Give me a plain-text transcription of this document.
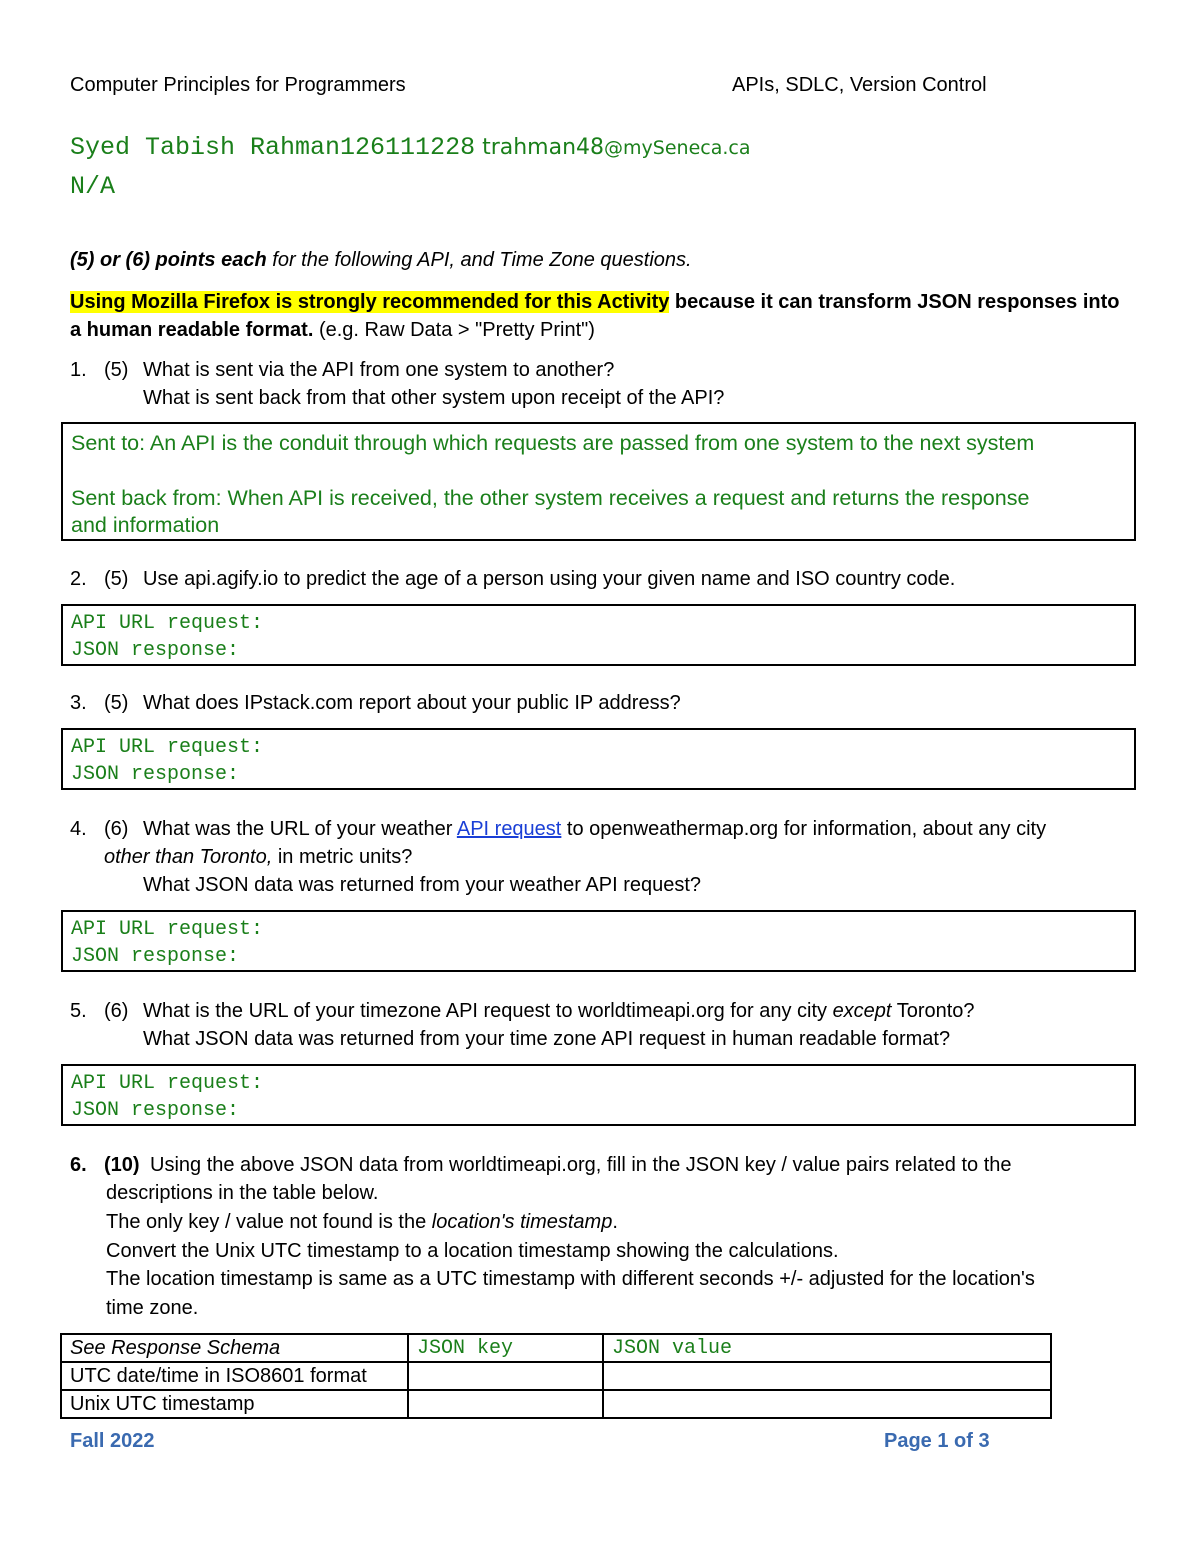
Computer Principles for Programmers	APIs, SDLC, Version Control
Syed Tabish Rahman126111228 trahman48@mySeneca.ca
N/A
(5) or (6) points each for the following API, and Time Zone questions.
Using Mozilla Firefox is strongly recommended for this Activity because it can transform JSON responses into
a human readable format. (e.g. Raw Data > "Pretty Print")
1. (5) What is sent via the API from one system to another?
What is sent back from that other system upon receipt of the API?
Sent to: An API is the conduit through which requests are passed from one system to the next system
Sent back from: When API is received, the other system receives a request and returns the response
and information
2. (5) Use api.agify.io to predict the age of a person using your given name and ISO country code.
API URL request:
JSON response:
3. (5) What does IPstack.com report about your public IP address?
API URL request:
JSON response:
4. (6) What was the URL of your weather API request to openweathermap.org for information, about any city
other than Toronto, in metric units?
What JSON data was returned from your weather API request?
API URL request:
JSON response:
5. (6) What is the URL of your timezone API request to worldtimeapi.org for any city except Toronto?
What JSON data was returned from your time zone API request in human readable format?
API URL request:
JSON response:
6. (10) Using the above JSON data from worldtimeapi.org, fill in the JSON key / value pairs related to the
descriptions in the table below.
The only key / value not found is the location's timestamp.
Convert the Unix UTC timestamp to a location timestamp showing the calculations.
The location timestamp is same as a UTC timestamp with different seconds +/- adjusted for the location's
time zone.
See Response Schema	JSON key	JSON value
UTC date/time in ISO8601 format		
Unix UTC timestamp		
Fall 2022	Page 1 of 3
